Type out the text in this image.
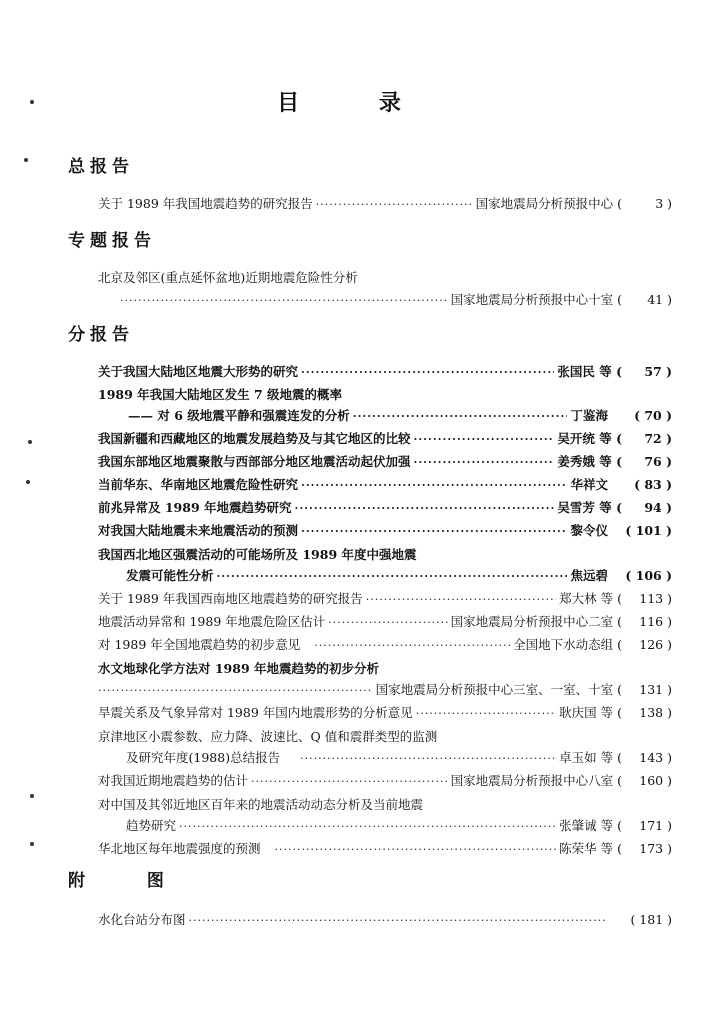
目 录
总报告
关于 1989 年我国地震趋势的研究报告 ·····	国家地震局分析预报中心 (	3 )
专题报告
北京及邻区(重点延怀盆地)近期地震危险性分析
·····
国家地震局分析预报中心十室 (	41 )
分报告
关于我国大陆地区地震大形势的研究 ·····	张国民 等 (	57 )
1989 年我国大陆地区发生 7 级地震的概率
—— 对 6 级地震平静和强震连发的分析 ·····	丁鉴海	( 70 )
我国新疆和西藏地区的地震发展趋势及与其它地区的比较 ·····	吴开统 等 (	72 )
我国东部地区地震聚散与西部部分地区地震活动起伏加强 ·····	姜秀娥 等 (	76 )
当前华东、华南地区地震危险性研究 ·····	华祥文	( 83 )
前兆异常及 1989 年地震趋势研究 ·····	吴雪芳 等 (	94 )
对我国大陆地震未来地震活动的预测 ·····	黎令仪	( 101 )
我国西北地区强震活动的可能场所及 1989 年度中强地震
发震可能性分析 ·····	焦远碧	( 106 )
关于 1989 年我国西南地区地震趋势的研究报告 ·····	郑大林 等 (	113 )
地震活动异常和 1989 年地震危险区估计 ·····	国家地震局分析预报中心二室 (	116 )
对 1989 年全国地震趋势的初步意见 ·····	全国地下水动态组 (	126 )
水文地球化学方法对 1989 年地震趋势的初步分析
·····
国家地震局分析预报中心三室、一室、十室 (	131 )
旱震关系及气象异常对 1989 年国内地震形势的分析意见 ·····	耿庆国 等 (	138 )
京津地区小震参数、应力降、波速比、Q 值和震群类型的监测
及研究年度(1988)总结报告 ·····	卓玉如 等 (	143 )
对我国近期地震趋势的估计 ·····	国家地震局分析预报中心八室 (	160 )
对中国及其邻近地区百年来的地震活动动态分析及当前地震
趋势研究 ·····	张肇诚 等 (	171 )
华北地区每年地震强度的预测 ·····	陈荣华 等 (	173 )
附 图
水化台站分布图 ·····	( 181 )
